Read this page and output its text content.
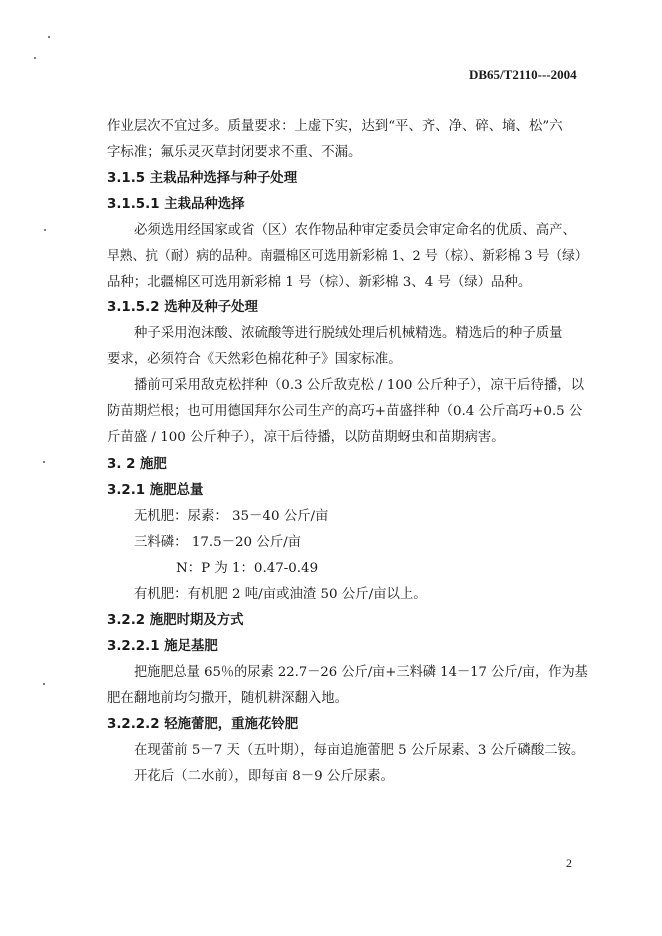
DB65/T2110---2004
作业层次不宜过多。质量要求：上虚下实，达到“平、齐、净、碎、墒、松”六
字标准；氟乐灵灭草封闭要求不重、不漏。
3.1.5 主栽品种选择与种子处理
3.1.5.1 主栽品种选择
必须选用经国家或省（区）农作物品种审定委员会审定命名的优质、高产、
早熟、抗（耐）病的品种。南疆棉区可选用新彩棉 1、2 号（棕）、新彩棉 3 号（绿）
品种；北疆棉区可选用新彩棉 1 号（棕）、新彩棉 3、4 号（绿）品种。
3.1.5.2 选种及种子处理
种子采用泡沫酸、浓硫酸等进行脱绒处理后机械精选。精选后的种子质量
要求，必须符合《天然彩色棉花种子》国家标准。
播前可采用敌克松拌种（0.3 公斤敌克松 / 100 公斤种子），凉干后待播，以
防苗期烂根；也可用德国拜尔公司生产的高巧+苗盛拌种（0.4 公斤高巧+0.5 公
斤苗盛 / 100 公斤种子），凉干后待播，以防苗期蚜虫和苗期病害。
3. 2 施肥
3.2.1 施肥总量
无机肥：尿素： 35－40 公斤/亩
三料磷： 17.5－20 公斤/亩
N：P 为 1：0.47-0.49
有机肥：有机肥 2 吨/亩或油渣 50 公斤/亩以上。
3.2.2 施肥时期及方式
3.2.2.1 施足基肥
把施肥总量 65％的尿素 22.7－26 公斤/亩+三料磷 14－17 公斤/亩，作为基
肥在翻地前均匀撒开，随机耕深翻入地。
3.2.2.2 轻施蕾肥，重施花铃肥
在现蕾前 5－7 天（五叶期），每亩追施蕾肥 5 公斤尿素、3 公斤磷酸二铵。
开花后（二水前），即每亩 8－9 公斤尿素。
2
